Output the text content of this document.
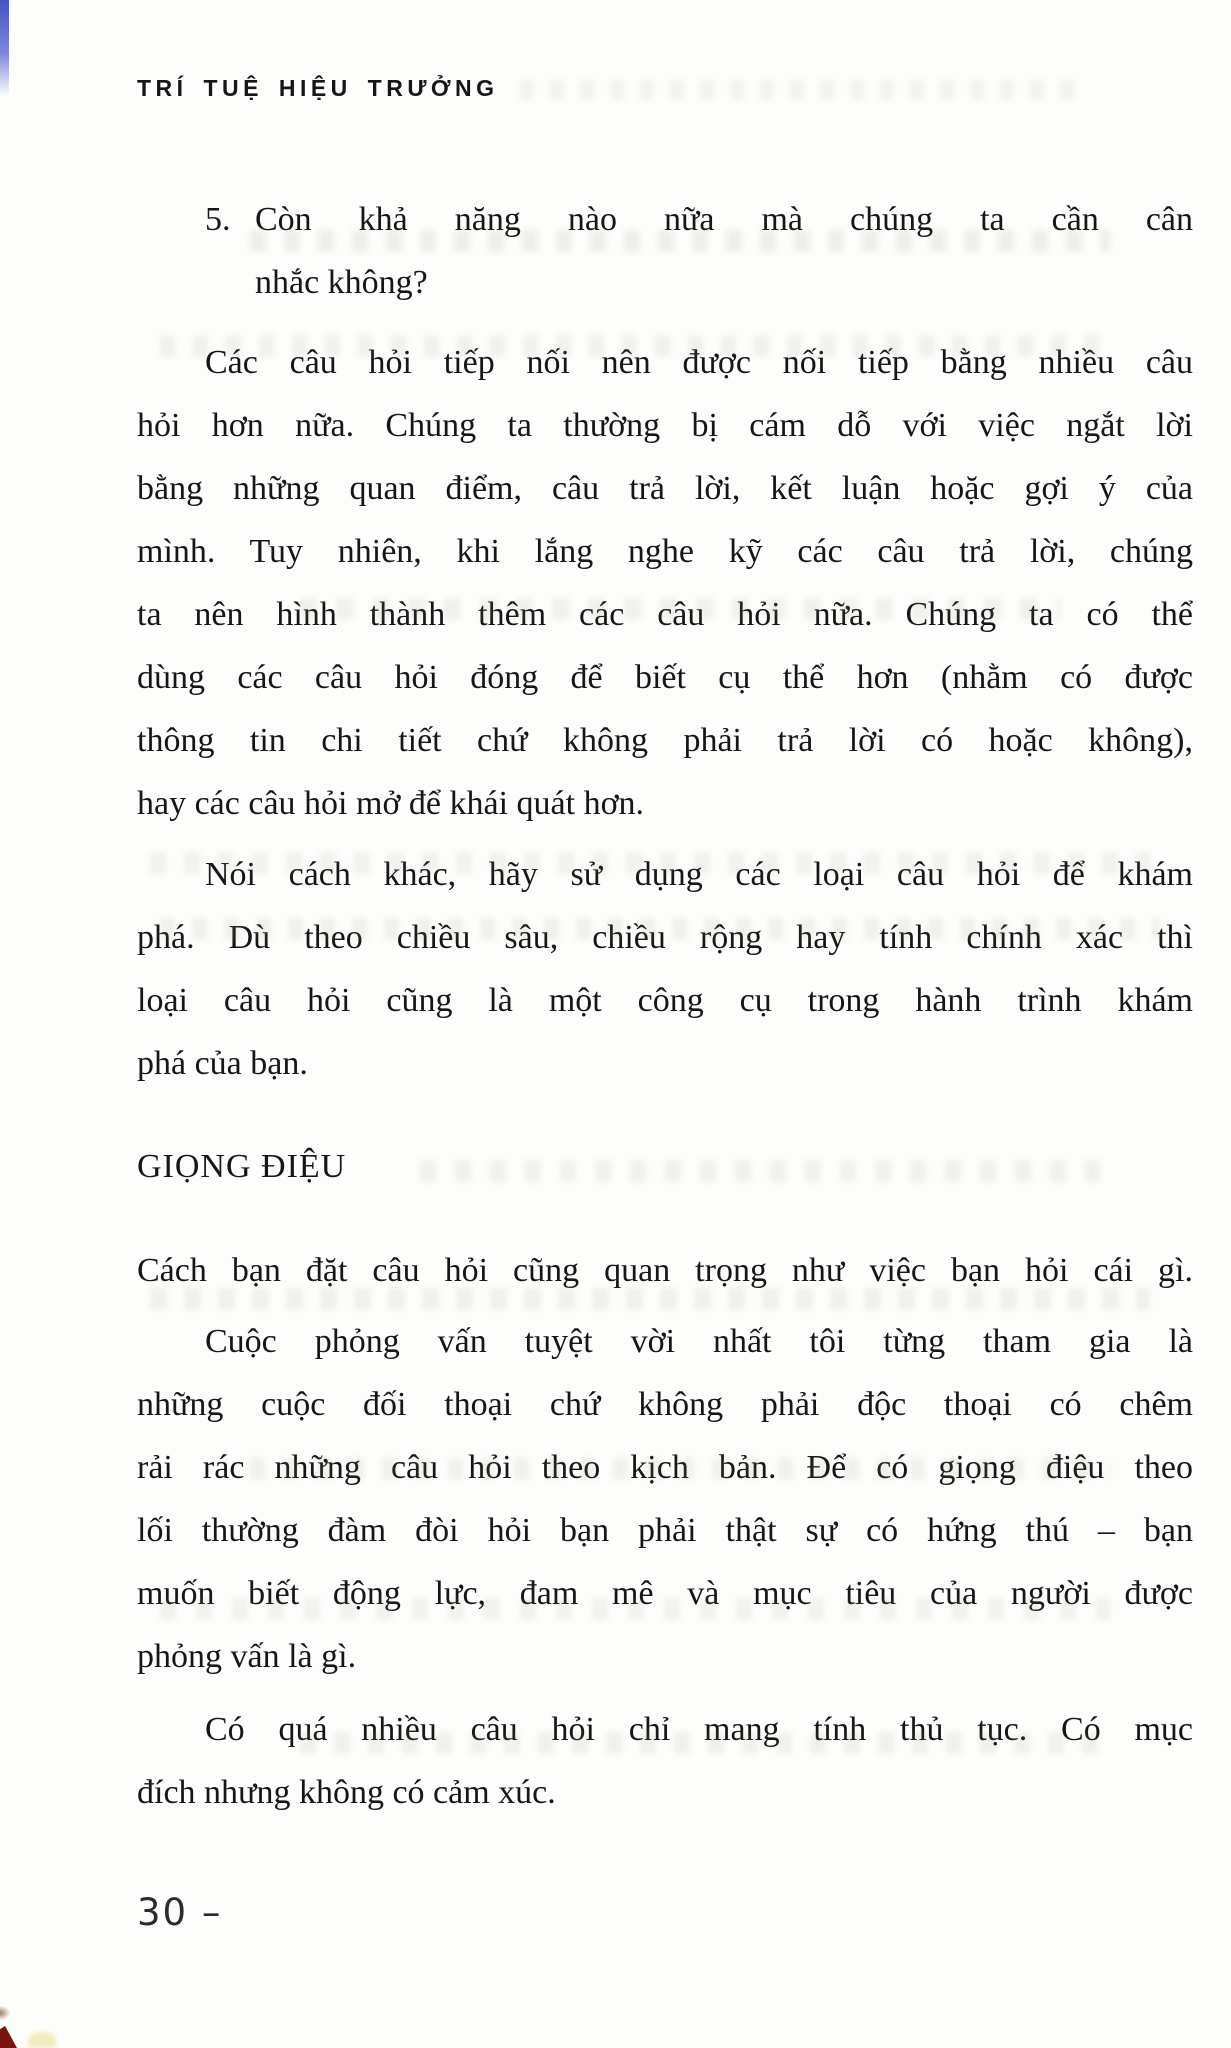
TRÍ TUỆ HIỆU TRƯỞNG
5. Còn khả năng nào nữa mà chúng ta cần cân
nhắc không?
Các câu hỏi tiếp nối nên được nối tiếp bằng nhiều câu
hỏi hơn nữa. Chúng ta thường bị cám dỗ với việc ngắt lời
bằng những quan điểm, câu trả lời, kết luận hoặc gợi ý của
mình. Tuy nhiên, khi lắng nghe kỹ các câu trả lời, chúng
ta nên hình thành thêm các câu hỏi nữa. Chúng ta có thể
dùng các câu hỏi đóng để biết cụ thể hơn (nhằm có được
thông tin chi tiết chứ không phải trả lời có hoặc không),
hay các câu hỏi mở để khái quát hơn.
Nói cách khác, hãy sử dụng các loại câu hỏi để khám
phá. Dù theo chiều sâu, chiều rộng hay tính chính xác thì
loại câu hỏi cũng là một công cụ trong hành trình khám
phá của bạn.
GIỌNG ĐIỆU
Cách bạn đặt câu hỏi cũng quan trọng như việc bạn hỏi cái gì.
Cuộc phỏng vấn tuyệt vời nhất tôi từng tham gia là
những cuộc đối thoại chứ không phải độc thoại có chêm
rải rác những câu hỏi theo kịch bản. Để có giọng điệu theo
lối thường đàm đòi hỏi bạn phải thật sự có hứng thú – bạn
muốn biết động lực, đam mê và mục tiêu của người được
phỏng vấn là gì.
Có quá nhiều câu hỏi chỉ mang tính thủ tục. Có mục
đích nhưng không có cảm xúc.
30 –
